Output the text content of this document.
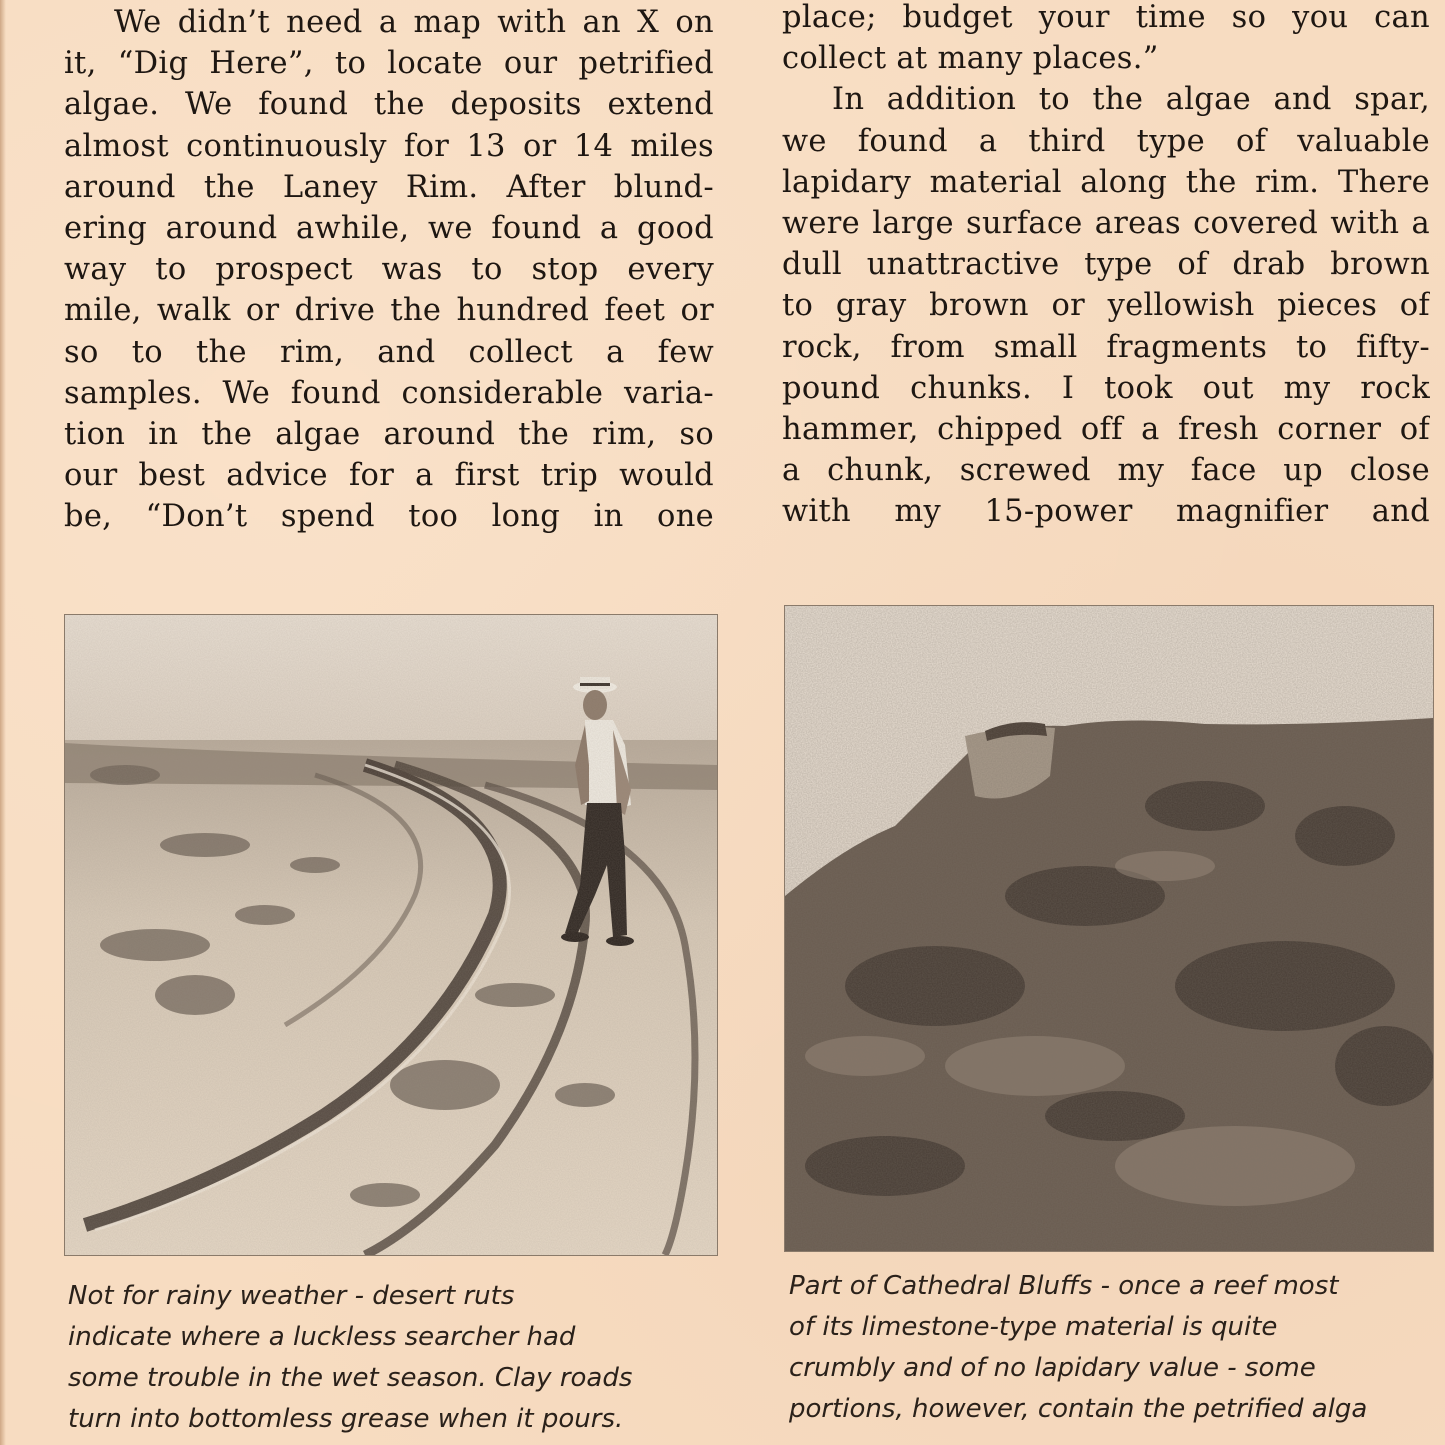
We didn’t need a map with an X on
it, “Dig Here”, to locate our petrified
algae. We found the deposits extend
almost continuously for 13 or 14 miles
around the Laney Rim. After blund-
ering around awhile, we found a good
way to prospect was to stop every
mile, walk or drive the hundred feet or
so to the rim, and collect a few
samples. We found considerable varia-
tion in the algae around the rim, so
our best advice for a first trip would
be, “Don’t spend too long in one
place; budget your time so you can
collect at many places.”
In addition to the algae and spar,
we found a third type of valuable
lapidary material along the rim. There
were large surface areas covered with a
dull unattractive type of drab brown
to gray brown or yellowish pieces of
rock, from small fragments to fifty-
pound chunks. I took out my rock
hammer, chipped off a fresh corner of
a chunk, screwed my face up close
with my 15-power magnifier and
Not for rainy weather - desert ruts
indicate where a luckless searcher had
some trouble in the wet season. Clay roads
turn into bottomless grease when it pours.
Part of Cathedral Bluffs - once a reef most
of its limestone-type material is quite
crumbly and of no lapidary value - some
portions, however, contain the petrified alga
